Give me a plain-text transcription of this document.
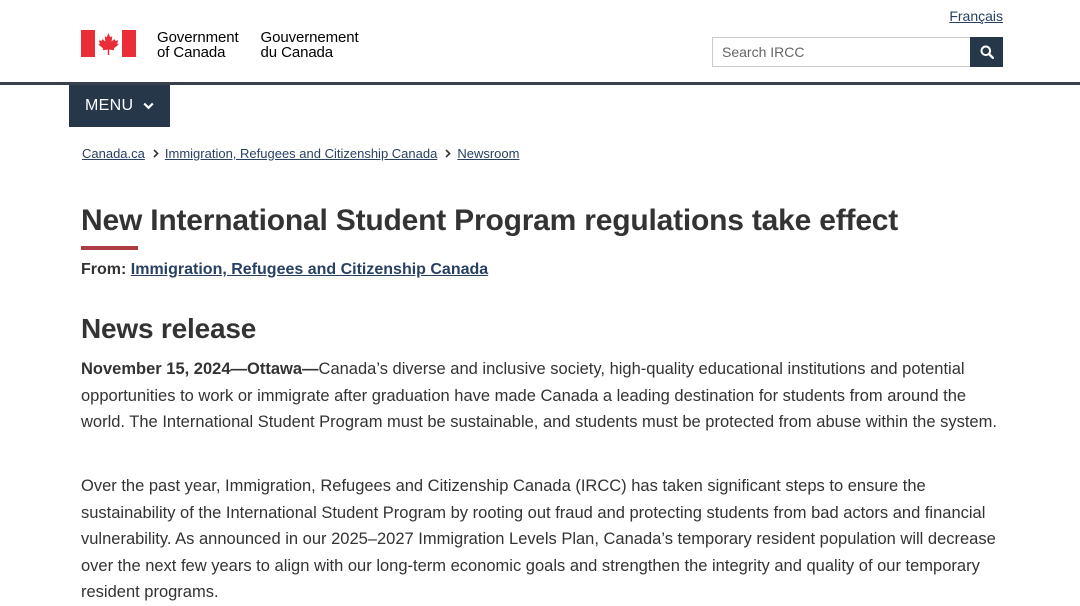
Français
Government
of Canada
Gouvernement
du Canada
Search IRCC
MENU
Canada.ca Immigration, Refugees and Citizenship Canada Newsroom
New International Student Program regulations take effect
From: Immigration, Refugees and Citizenship Canada
News release

November 15, 2024—Ottawa—Canada’s diverse and inclusive society, high-quality educational institutions and potential opportunities to work or immigrate after graduation have made Canada a leading destination for students from around the world. The International Student Program must be sustainable, and students must be protected from abuse within the system.

Over the past year, Immigration, Refugees and Citizenship Canada (IRCC) has taken significant steps to ensure the sustainability of the International Student Program by rooting out fraud and protecting students from bad actors and financial vulnerability. As announced in our 2025–2027 Immigration Levels Plan, Canada’s temporary resident population will decrease over the next few years to align with our long-term economic goals and strengthen the integrity and quality of our temporary resident programs.
